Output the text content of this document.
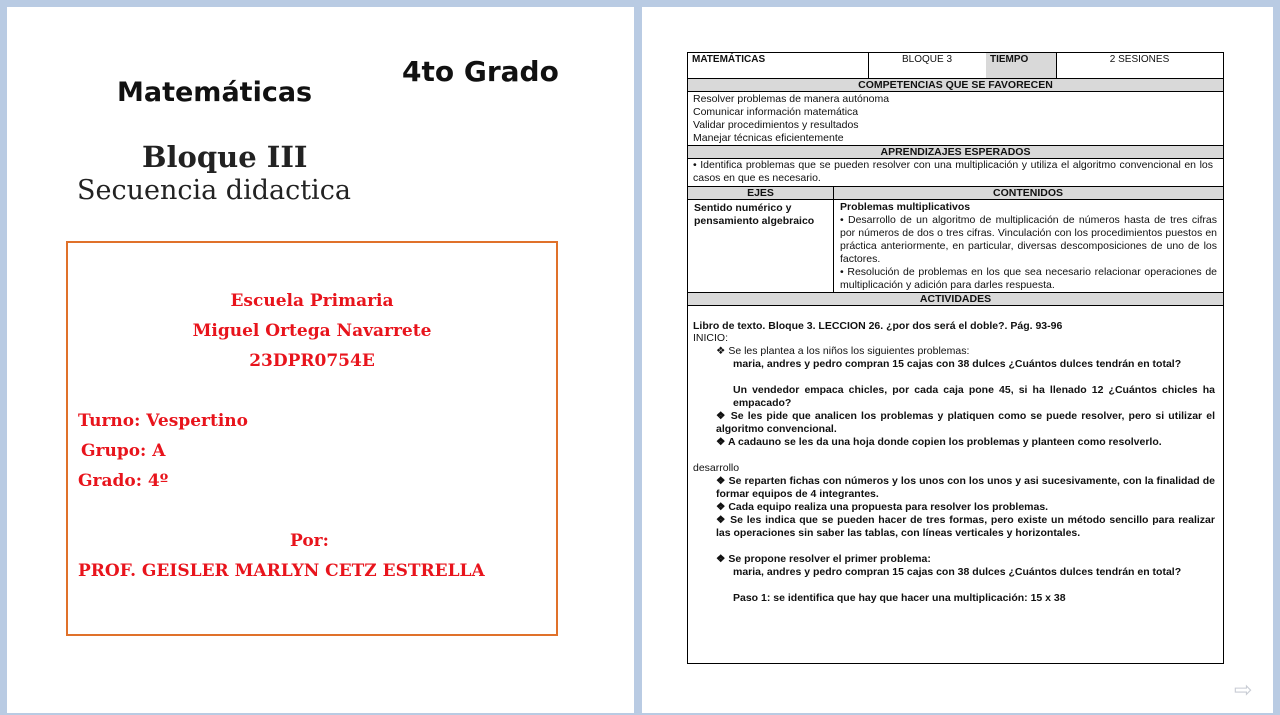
Matemáticas
4to Grado
Bloque III
Secuencia didactica
Escuela Primaria
Miguel Ortega Navarrete
23DPR0754E
Turno: Vespertino
Grupo: A
Grado: 4º
Por:
PROF. GEISLER MARLYN CETZ ESTRELLA
MATEMÁTICAS	BLOQUE 3	TIEMPO	2 SESIONES
COMPETENCIAS QUE SE FAVORECEN
Resolver problemas de manera autónoma
Comunicar información matemática
Validar procedimientos y resultados
Manejar técnicas eficientemente
APRENDIZAJES ESPERADOS
• Identifica problemas que se pueden resolver con una multiplicación y utiliza el algoritmo convencional en los casos en que es necesario.
EJES	CONTENIDOS
Sentido numérico y pensamiento algebraico
Problemas multiplicativos
• Desarrollo de un algoritmo de multiplicación de números hasta de tres cifras por números de dos o tres cifras. Vinculación con los procedimientos puestos en práctica anteriormente, en particular, diversas descomposiciones de uno de los factores.
• Resolución de problemas en los que sea necesario relacionar operaciones de multiplicación y adición para darles respuesta.
ACTIVIDADES
Libro de texto. Bloque 3. LECCION 26. ¿por dos será el doble?. Pág. 93-96
INICIO:
❖ Se les plantea a los niños los siguientes problemas:
maria, andres y pedro compran 15 cajas con 38 dulces ¿Cuántos dulces tendrán en total?
Un vendedor empaca chicles, por cada caja pone 45, si ha llenado 12 ¿Cuántos chicles ha empacado?
❖ Se les pide que analicen los problemas y platiquen como se puede resolver, pero si utilizar el algoritmo convencional.
❖ A cadauno se les da una hoja donde copien los problemas y planteen como resolverlo.
desarrollo
❖ Se reparten fichas con números y los unos con los unos y asi sucesivamente, con la finalidad de formar equipos de 4 integrantes.
❖ Cada equipo realiza una propuesta para resolver los problemas.
❖ Se les indica que se pueden hacer de tres formas, pero existe un método sencillo para realizar las operaciones sin saber las tablas, con líneas verticales y horizontales.
❖ Se propone resolver el primer problema:
maria, andres y pedro compran 15 cajas con 38 dulces ¿Cuántos dulces tendrán en total?
Paso 1: se identifica que hay que hacer una multiplicación: 15 x 38
⇨
